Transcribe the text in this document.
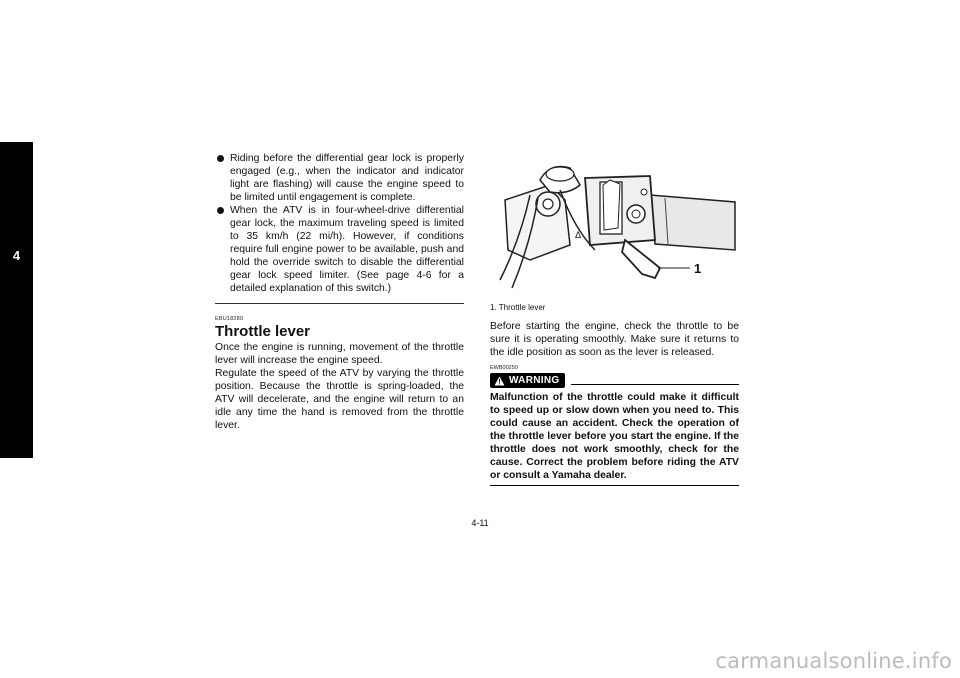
4
Riding before the differential gear lock is properly engaged (e.g., when the indicator and indicator light are flashing) will cause the engine speed to be limited until engagement is complete.
When the ATV is in four-wheel-drive differential gear lock, the maximum traveling speed is limited to 35 km/h (22 mi/h). However, if conditions require full engine power to be available, push and hold the override switch to disable the differential gear lock speed limiter. (See page 4-6 for a detailed explanation of this switch.)
EBU18280
Throttle lever

Once the engine is running, movement of the throttle lever will increase the engine speed.

Regulate the speed of the ATV by varying the throttle position. Because the throttle is spring-loaded, the ATV will decelerate, and the engine will return to an idle any time the hand is removed from the throttle lever.

Δ
1
1. Throttle lever

Before starting the engine, check the throttle to be sure it is operating smoothly. Make sure it returns to the idle position as soon as the lever is released.

EWB00250
WARNING
Malfunction of the throttle could make it difficult to speed up or slow down when you need to. This could cause an accident. Check the operation of the throttle lever before you start the engine. If the throttle does not work smoothly, check for the cause. Correct the problem before riding the ATV or consult a Yamaha dealer.
4-11
carmanualsonline.info
